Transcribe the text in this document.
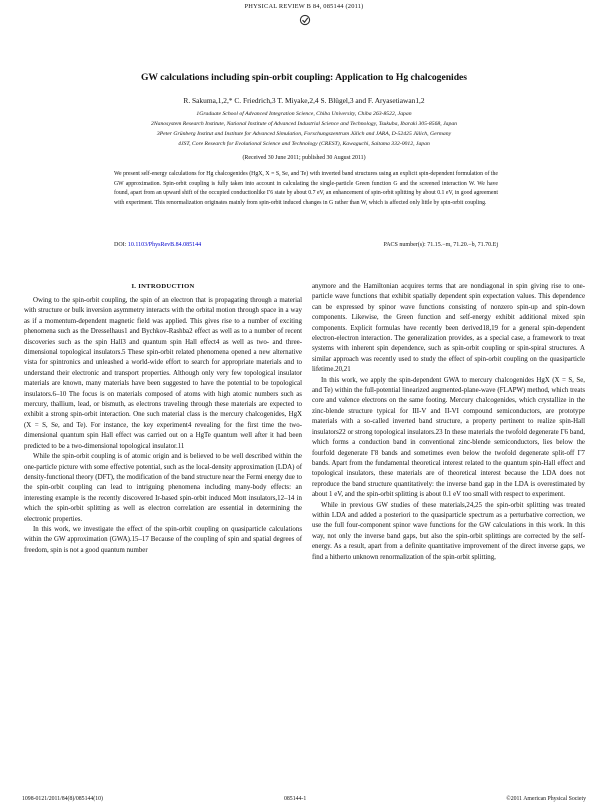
PHYSICAL REVIEW B 84, 085144 (2011)
GW calculations including spin-orbit coupling: Application to Hg chalcogenides
R. Sakuma,1,2,* C. Friedrich,3 T. Miyake,2,4 S. Blügel,3 and F. Aryasetiawan1,2
1Graduate School of Advanced Integration Science, Chiba University, Chiba 263-8522, Japan
2Nanosystem Research Institute, National Institute of Advanced Industrial Science and Technology, Tsukuba, Ibaraki 305-8568, Japan
3Peter Grünberg Institut and Institute for Advanced Simulation, Forschungszentrum Jülich and JARA, D-52425 Jülich, Germany
4JST, Core Research for Evolutional Science and Technology (CREST), Kawaguchi, Saitama 332-0012, Japan
(Received 30 June 2011; published 30 August 2011)
We present self-energy calculations for Hg chalcogenides (HgX, X = S, Se, and Te) with inverted band structures using an explicit spin-dependent formulation of the GW approximation. Spin-orbit coupling is fully taken into account in calculating the single-particle Green function G and the screened interaction W. We have found, apart from an upward shift of the occupied conductionlike Γ6 state by about 0.7 eV, an enhancement of spin-orbit splitting by about 0.1 eV, in good agreement with experiment. This renormalization originates mainly from spin-orbit induced changes in G rather than W, which is affected only little by spin-orbit coupling.
DOI: 10.1103/PhysRevB.84.085144	PACS number(s): 71.15.−m, 71.20.−b, 71.70.Ej
I. INTRODUCTION

Owing to the spin-orbit coupling, the spin of an electron that is propagating through a material with structure or bulk inversion asymmetry interacts with the orbital motion through space in a way as if a momentum-dependent magnetic field was applied. This gives rise to a number of exciting phenomena such as the Dresselhaus1 and Bychkov-Rashba2 effect as well as to a number of recent discoveries such as the spin Hall3 and quantum spin Hall effect4 as well as two- and three-dimensional topological insulators.5 These spin-orbit related phenomena opened a new alternative vista for spintronics and unleashed a world-wide effort to search for appropriate materials and to understand their electronic and transport properties. Although only very few topological insulator materials are known, many materials have been suggested to have the potential to be topological insulators.6–10 The focus is on materials composed of atoms with high atomic numbers such as mercury, thallium, lead, or bismuth, as electrons traveling through these materials are expected to exhibit a strong spin-orbit interaction. One such material class is the mercury chalcogenides, HgX (X = S, Se, and Te). For instance, the key experiment4 revealing for the first time the two-dimensional quantum spin Hall effect was carried out on a HgTe quantum well after it had been predicted to be a two-dimensional topological insulator.11

While the spin-orbit coupling is of atomic origin and is believed to be well described within the one-particle picture with some effective potential, such as the local-density approximation (LDA) of density-functional theory (DFT), the modification of the band structure near the Fermi energy due to the spin-orbit coupling can lead to intriguing phenomena including many-body effects: an interesting example is the recently discovered Ir-based spin-orbit induced Mott insulators,12–14 in which the spin-orbit splitting as well as electron correlation are essential in determining the electronic properties.

In this work, we investigate the effect of the spin-orbit coupling on quasiparticle calculations within the GW approximation (GWA).15–17 Because of the coupling of spin and spatial degrees of freedom, spin is not a good quantum number

anymore and the Hamiltonian acquires terms that are nondiagonal in spin giving rise to one-particle wave functions that exhibit spatially dependent spin expectation values. This dependence can be expressed by spinor wave functions consisting of nonzero spin-up and spin-down components. Likewise, the Green function and self-energy exhibit additional mixed spin components. Explicit formulas have recently been derived18,19 for a general spin-dependent electron-electron interaction. The generalization provides, as a special case, a framework to treat systems with inherent spin dependence, such as spin-orbit coupling or spin-spiral structures. A similar approach was recently used to study the effect of spin-orbit coupling on the quasiparticle lifetime.20,21

In this work, we apply the spin-dependent GWA to mercury chalcogenides HgX (X = S, Se, and Te) within the full-potential linearized augmented-plane-wave (FLAPW) method, which treats core and valence electrons on the same footing. Mercury chalcogenides, which crystallize in the zinc-blende structure typical for III-V and II-VI compound semiconductors, are prototype materials with a so-called inverted band structure, a property pertinent to realize spin-Hall insulators22 or strong topological insulators.23 In these materials the twofold degenerate Γ6 band, which forms a conduction band in conventional zinc-blende semiconductors, lies below the fourfold degenerate Γ8 bands and sometimes even below the twofold degenerate split-off Γ7 bands. Apart from the fundamental theoretical interest related to the quantum spin-Hall effect and topological insulators, these materials are of theoretical interest because the LDA does not reproduce the band structure quantitatively: the inverse band gap in the LDA is overestimated by about 1 eV, and the spin-orbit splitting is about 0.1 eV too small with respect to experiment.

While in previous GW studies of these materials,24,25 the spin-orbit splitting was treated within LDA and added a posteriori to the quasiparticle spectrum as a perturbative correction, we use the full four-component spinor wave functions for the GW calculations in this work. In this way, not only the inverse band gaps, but also the spin-orbit splittings are corrected by the self-energy. As a result, apart from a definite quantitative improvement of the direct inverse gaps, we find a hitherto unknown renormalization of the spin-orbit splitting,

1098-0121/2011/84(8)/085144(10)	085144-1	©2011 American Physical Society
